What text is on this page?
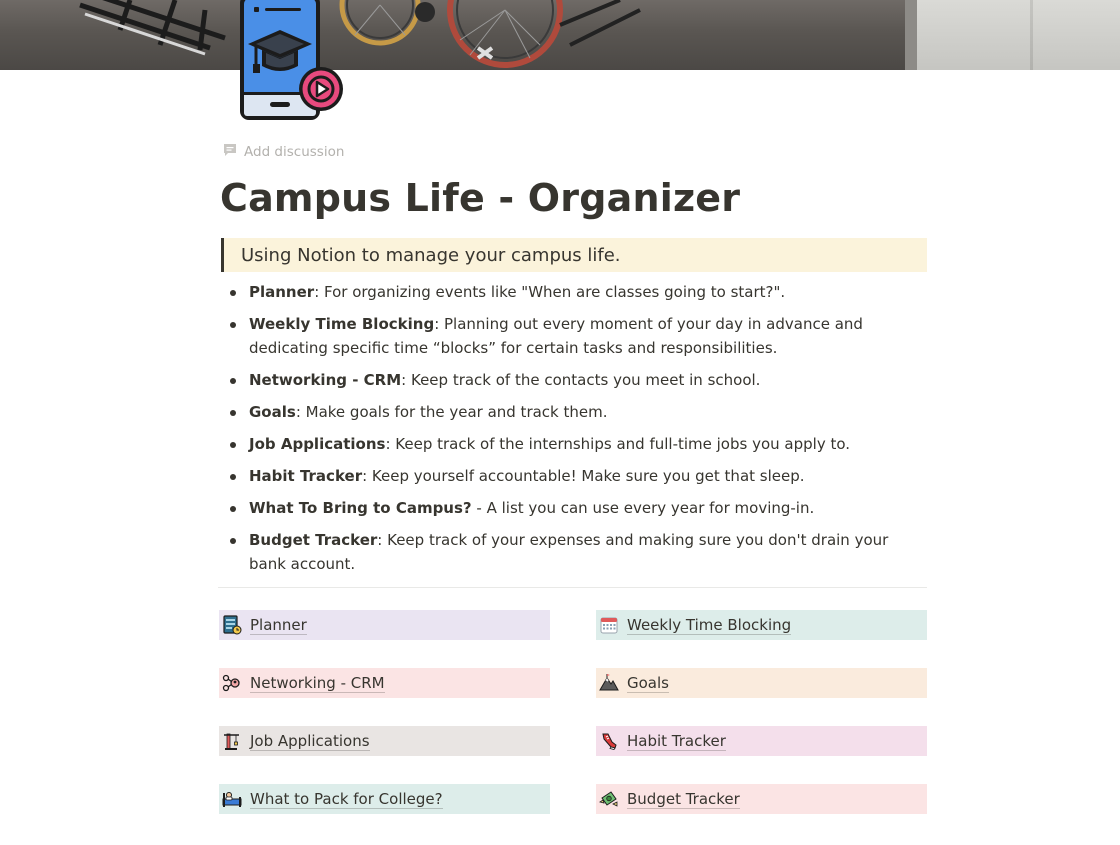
Add discussion
Campus Life - Organizer
Using Notion to manage your campus life.
Planner: For organizing events like "When are classes going to start?".
Weekly Time Blocking: Planning out every moment of your day in advance and dedicating specific time “blocks” for certain tasks and responsibilities.
Networking - CRM: Keep track of the contacts you meet in school.
Goals: Make goals for the year and track them.
Job Applications: Keep track of the internships and full-time jobs you apply to.
Habit Tracker: Keep yourself accountable! Make sure you get that sleep.
What To Bring to Campus? - A list you can use every year for moving-in.
Budget Tracker: Keep track of your expenses and making sure you don't drain your bank account.
Planner	Weekly Time Blocking
Networking - CRM	Goals
Job Applications	Habit Tracker
What to Pack for College?	Budget Tracker
